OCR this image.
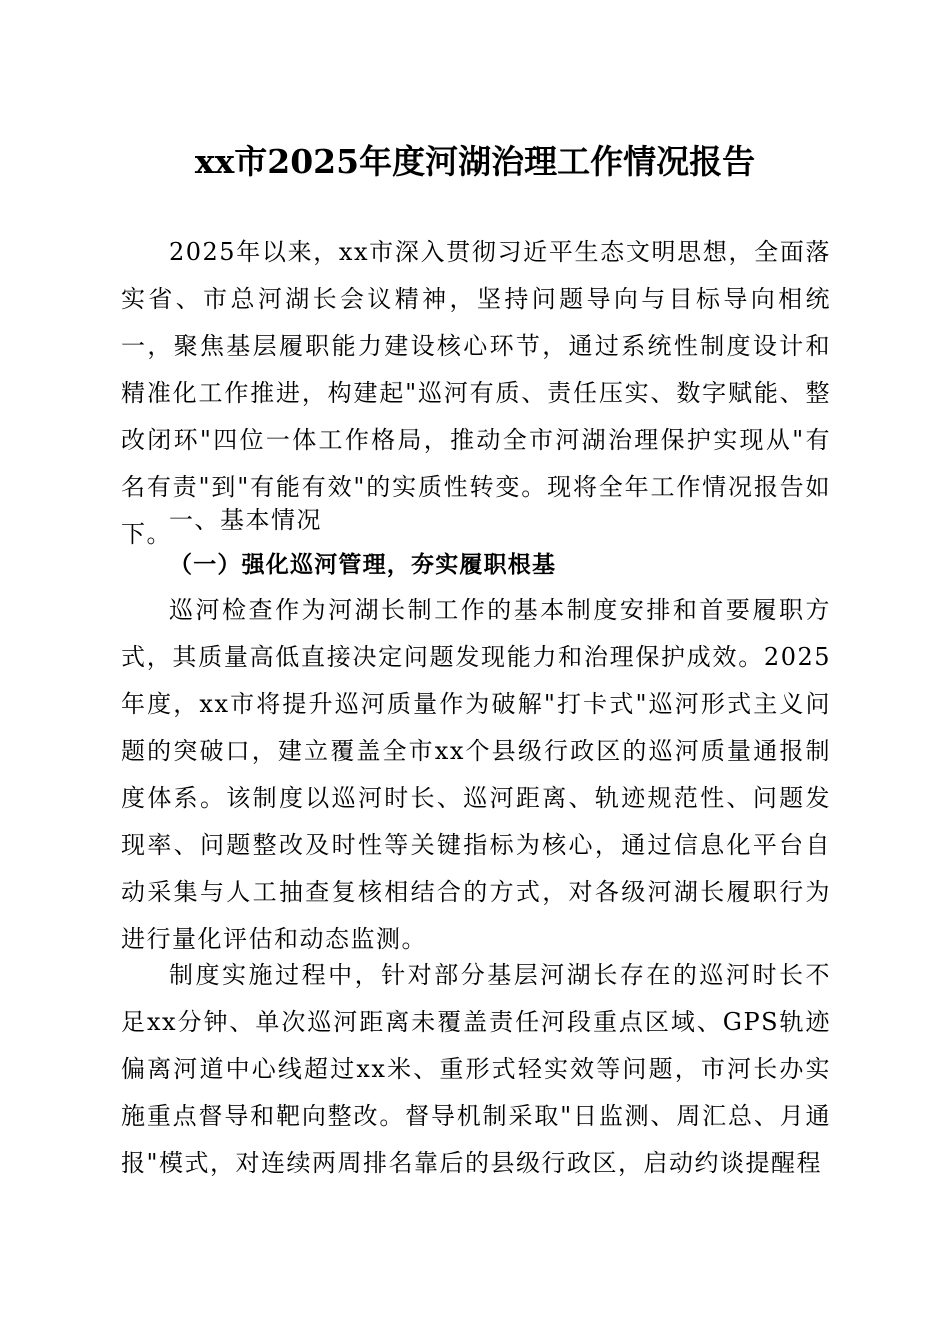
xx市2025年度河湖治理工作情况报告

2025年以来，xx市深入贯彻习近平生态文明思想，全面落实省、市总河湖长会议精神，坚持问题导向与目标导向相统一，聚焦基层履职能力建设核心环节，通过系统性制度设计和精准化工作推进，构建起"巡河有质、责任压实、数字赋能、整改闭环"四位一体工作格局，推动全市河湖治理保护实现从"有名有责"到"有能有效"的实质性转变。现将全年工作情况报告如下。

一、基本情况
（一）强化巡河管理，夯实履职根基

巡河检查作为河湖长制工作的基本制度安排和首要履职方式，其质量高低直接决定问题发现能力和治理保护成效。2025年度，xx市将提升巡河质量作为破解"打卡式"巡河形式主义问题的突破口，建立覆盖全市xx个县级行政区的巡河质量通报制度体系。该制度以巡河时长、巡河距离、轨迹规范性、问题发现率、问题整改及时性等关键指标为核心，通过信息化平台自动采集与人工抽查复核相结合的方式，对各级河湖长履职行为进行量化评估和动态监测。

制度实施过程中，针对部分基层河湖长存在的巡河时长不足xx分钟、单次巡河距离未覆盖责任河段重点区域、GPS轨迹偏离河道中心线超过xx米、重形式轻实效等问题，市河长办实施重点督导和靶向整改。督导机制采取"日监测、周汇总、月通报"模式，对连续两周排名靠后的县级行政区，启动约谈提醒程
